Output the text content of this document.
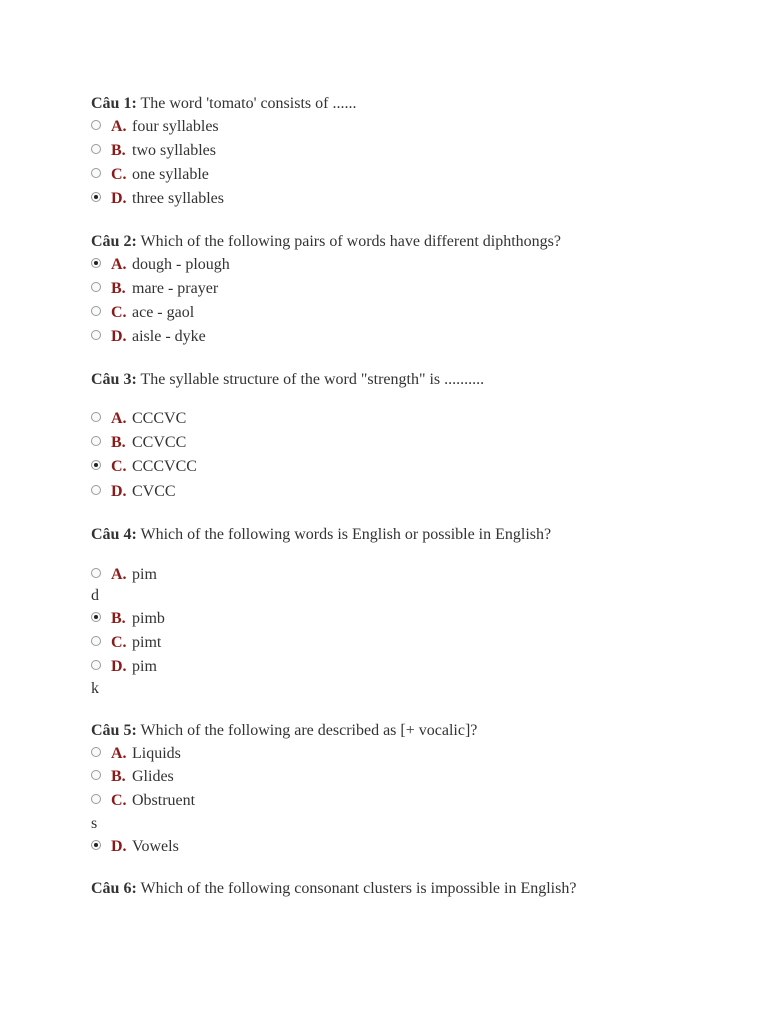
Câu 1: The word 'tomato' consists of ......
A. four syllables
B. two syllables
C. one syllable
D. three syllables
Câu 2: Which of the following pairs of words have different diphthongs?
A. dough - plough
B. mare - prayer
C. ace - gaol
D. aisle - dyke
Câu 3: The syllable structure of the word "strength" is ..........
A. CCCVC
B. CCVCC
C. CCCVCC
D. CVCC
Câu 4: Which of the following words is English or possible in English?
A. pim
d
B. pimb
C. pimt
D. pim
k
Câu 5: Which of the following are described as [+ vocalic]?
A. Liquids
B. Glides
C. Obstruent
s
D. Vowels
Câu 6: Which of the following consonant clusters is impossible in English?
